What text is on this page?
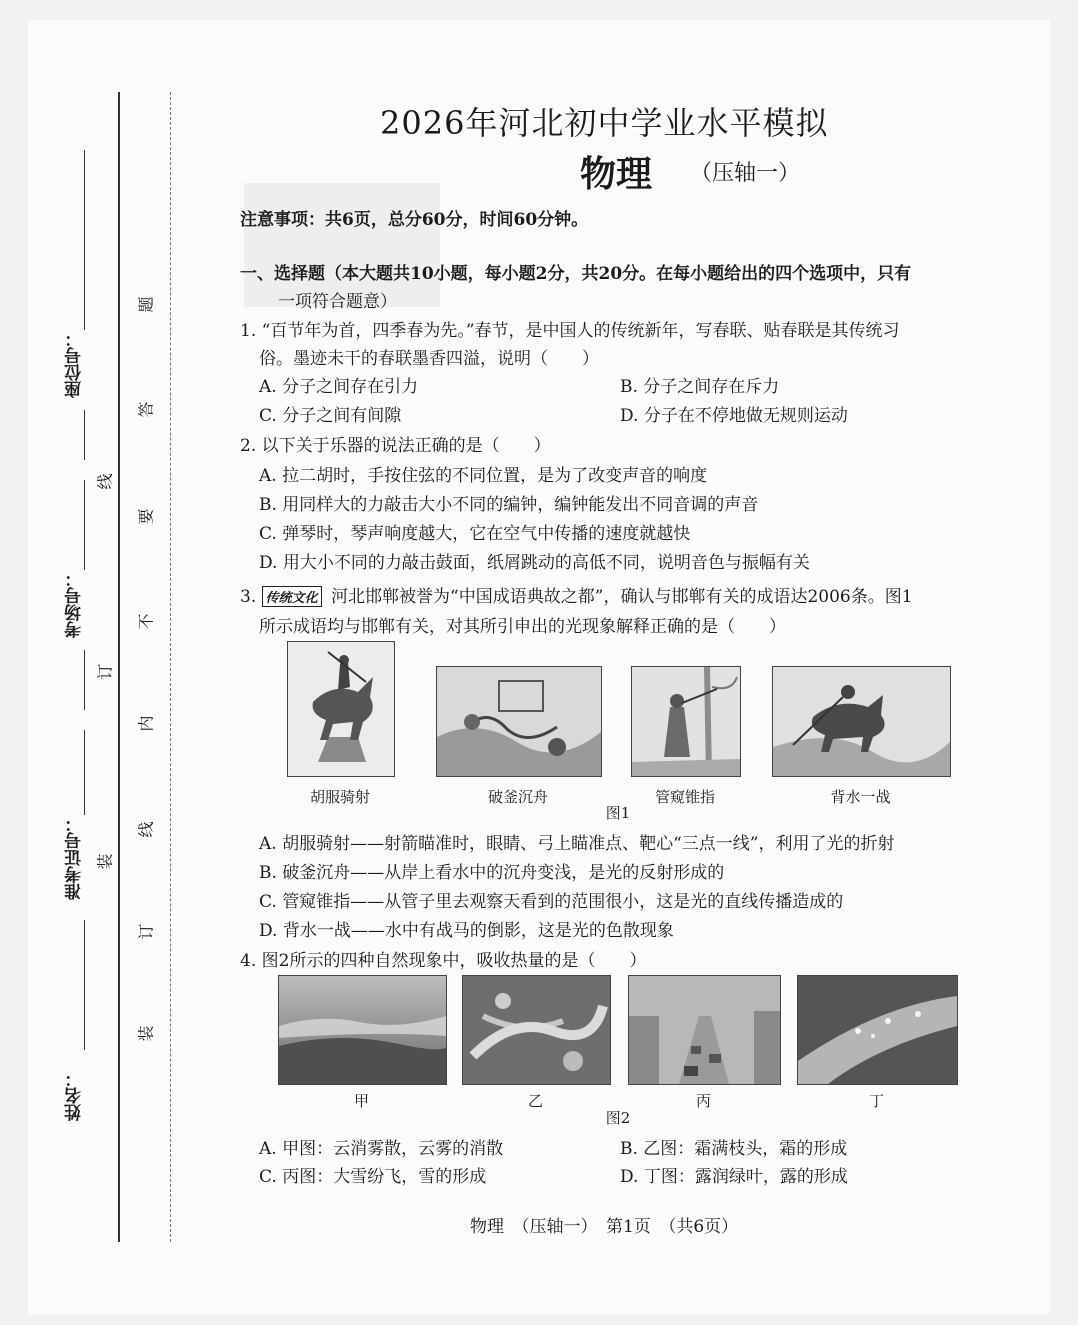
座位号：
考场号：
准考证号：
姓名：
线
订
装
题
答
要
不
内
线
订
装
2026年河北初中学业水平模拟
物理 （压轴一）
注意事项：共6页，总分60分，时间60分钟。
一、选择题（本大题共10小题，每小题2分，共20分。在每小题给出的四个选项中，只有
一项符合题意）
1. “百节年为首，四季春为先。”春节，是中国人的传统新年，写春联、贴春联是其传统习
俗。墨迹未干的春联墨香四溢，说明（　　）
A. 分子之间存在引力	B. 分子之间存在斥力
C. 分子之间有间隙	D. 分子在不停地做无规则运动
2. 以下关于乐器的说法正确的是（　　）
A. 拉二胡时，手按住弦的不同位置，是为了改变声音的响度
B. 用同样大的力敲击大小不同的编钟，编钟能发出不同音调的声音
C. 弹琴时，琴声响度越大，它在空气中传播的速度就越快
D. 用大小不同的力敲击鼓面，纸屑跳动的高低不同，说明音色与振幅有关
3. 传统文化 河北邯郸被誉为“中国成语典故之都”，确认与邯郸有关的成语达2006条。图1
所示成语均与邯郸有关，对其所引申出的光现象解释正确的是（　　）
胡服骑射	破釜沉舟	管窥锥指	背水一战
图1
A. 胡服骑射——射箭瞄准时，眼睛、弓上瞄准点、靶心“三点一线”，利用了光的折射
B. 破釜沉舟——从岸上看水中的沉舟变浅，是光的反射形成的
C. 管窥锥指——从管子里去观察天看到的范围很小，这是光的直线传播造成的
D. 背水一战——水中有战马的倒影，这是光的色散现象
4. 图2所示的四种自然现象中，吸收热量的是（　　）
甲	乙	丙	丁
图2
A. 甲图：云消雾散，云雾的消散	B. 乙图：霜满枝头，霜的形成
C. 丙图：大雪纷飞，雪的形成	D. 丁图：露润绿叶，露的形成
物理　（压轴一）　第1页　（共6页）
